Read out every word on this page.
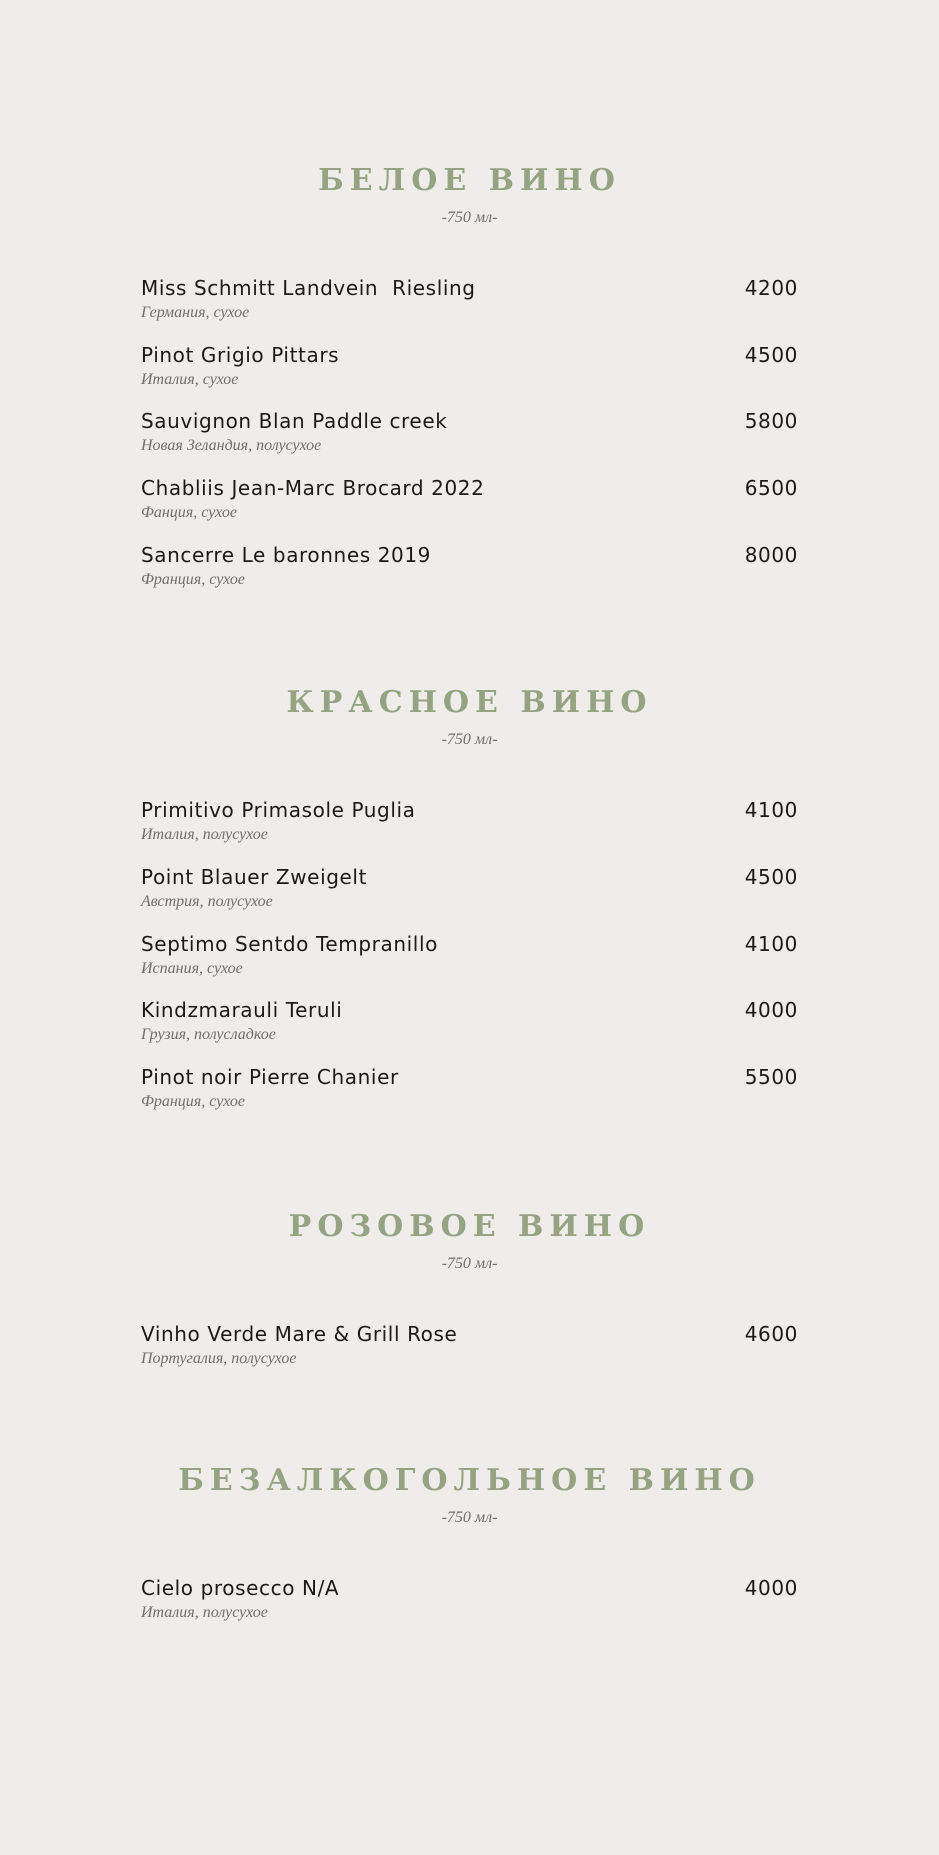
БЕЛОЕ ВИНО
-750 мл-
Miss Schmitt Landvein  Riesling	4200
Германия, сухое
Pinot Grigio Pittars	4500
Италия, сухое
Sauvignon Blan Paddle creek	5800
Новая Зеландия, полусухое
Chabliis Jean-Marc Brocard 2022	6500
Фанция, сухое
Sancerre Le baronnes 2019	8000
Франция, сухое
КРАСНОЕ ВИНО
-750 мл-
Primitivo Primasole Puglia	4100
Италия, полусухое
Point Blauer Zweigelt	4500
Австрия, полусухое
Septimo Sentdo Tempranillo	4100
Испания, сухое
Kindzmarauli Teruli	4000
Грузия, полусладкое
Pinot noir Pierre Chanier	5500
Франция, сухое
РОЗОВОЕ ВИНО
-750 мл-
Vinho Verde Mare & Grill Rose	4600
Португалия, полусухое
БЕЗАЛКОГОЛЬНОЕ ВИНО
-750 мл-
Cielo prosecco N/A	4000
Италия, полусухое
